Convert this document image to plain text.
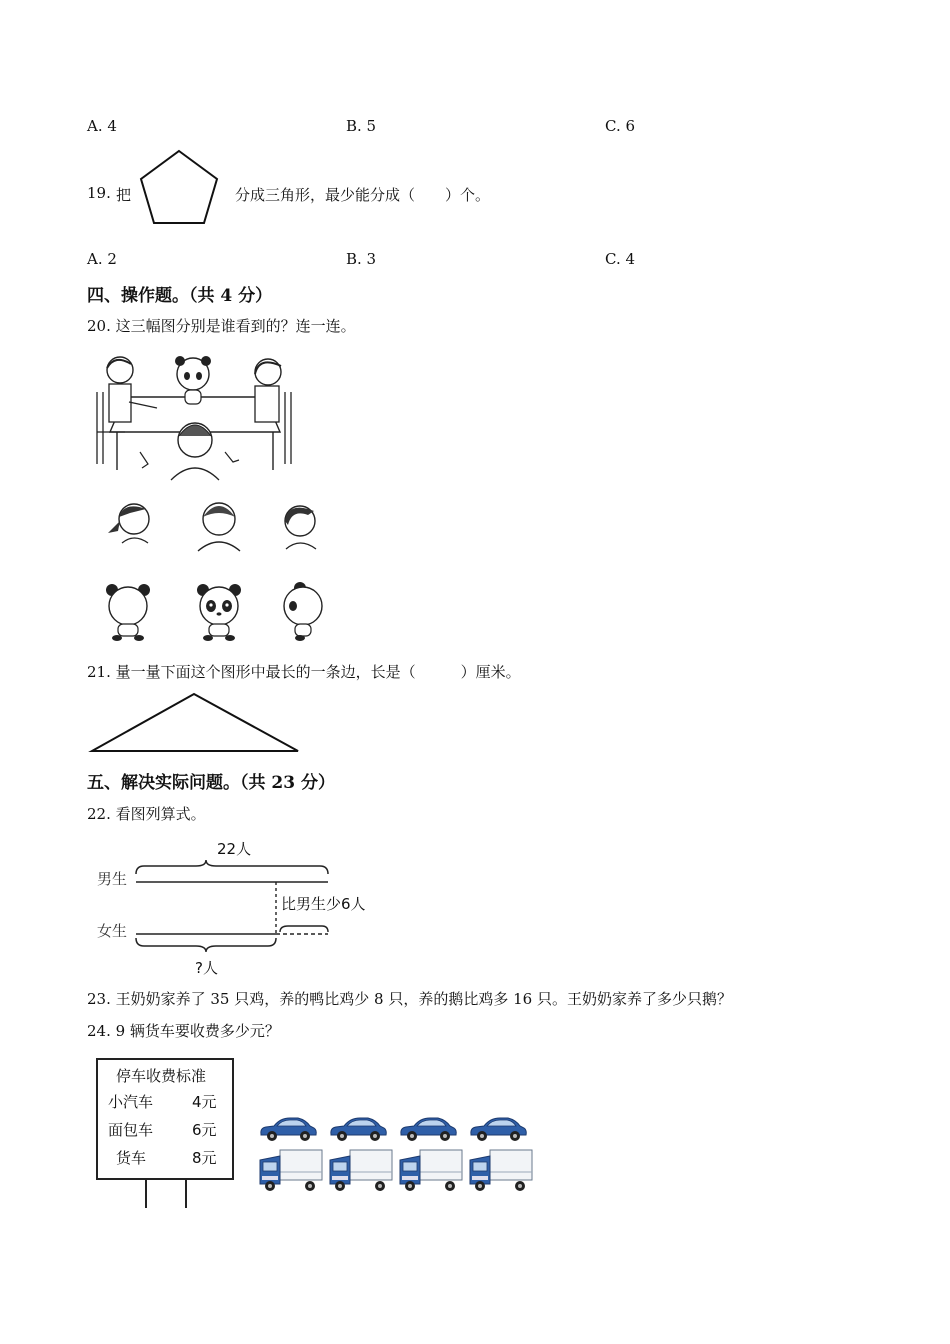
A. 4	B. 5	C. 6
19. 把	分成三角形，最少能分成（　　）个。
A. 2	B. 3	C. 4
四、操作题。（共 4 分）
20. 这三幅图分别是谁看到的？连一连。
21. 量一量下面这个图形中最长的一条边，长是（　　　）厘米。
五、解决实际问题。（共 23 分）
22. 看图列算式。
22人
男生
女生
比男生少6人
?人
23. 王奶奶家养了 35 只鸡，养的鸭比鸡少 8 只，养的鹅比鸡多 16 只。王奶奶家养了多少只鹅？
24. 9 辆货车要收费多少元？
停车收费标准
小汽车	4元
面包车	6元
货车	8元
